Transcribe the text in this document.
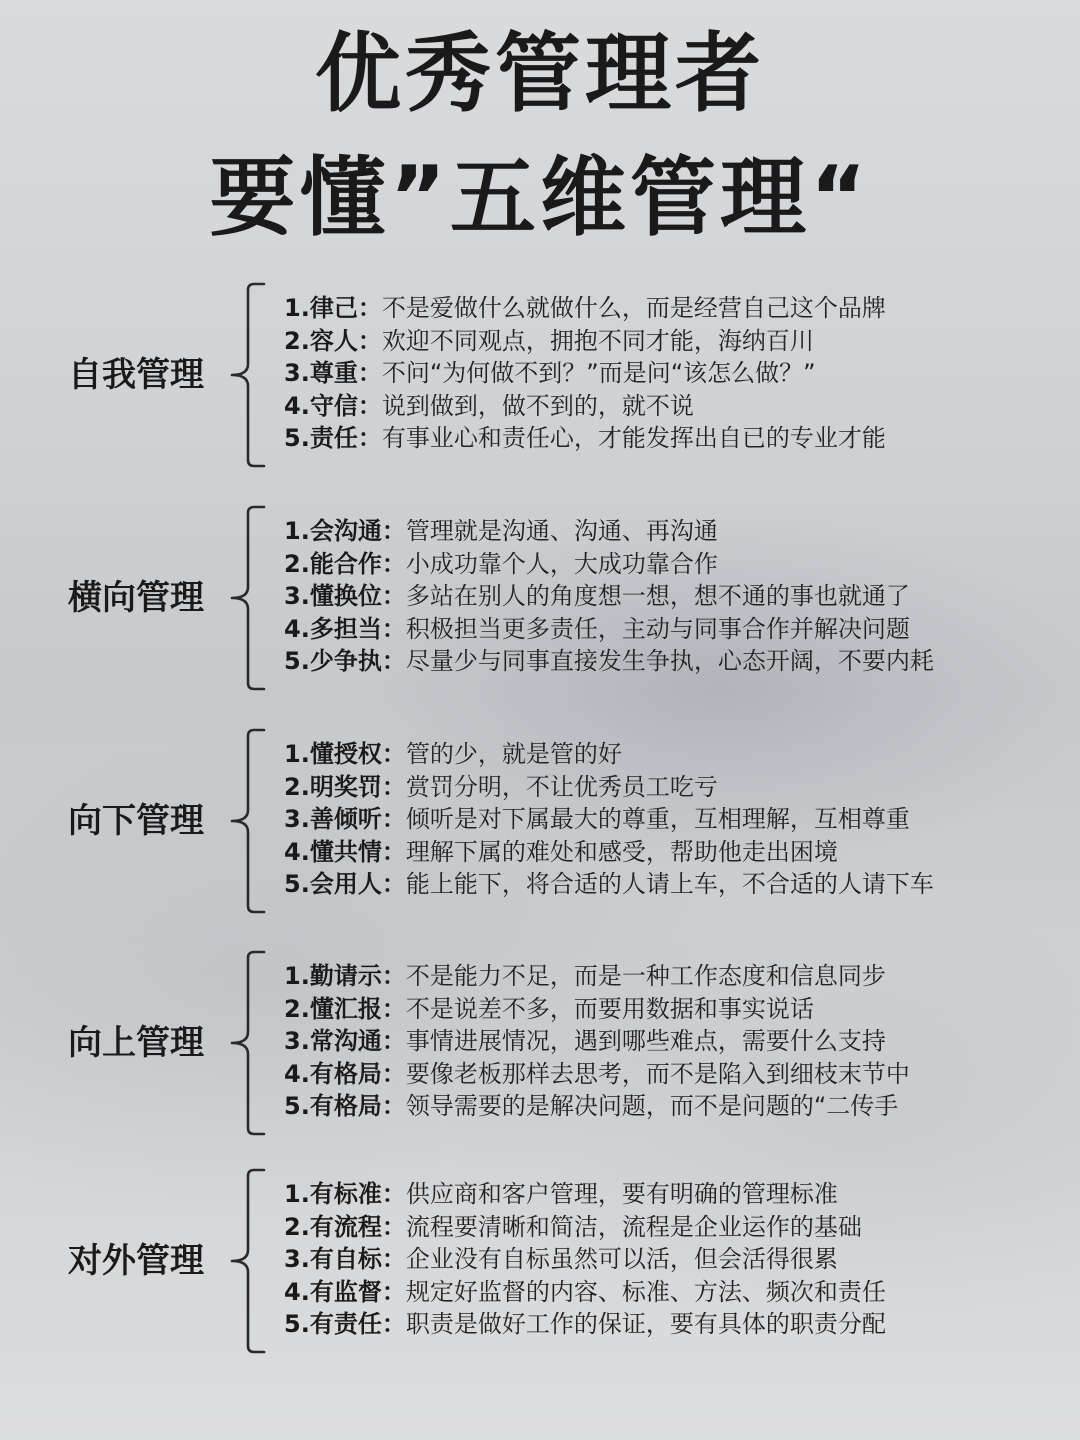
优秀管理者
要懂”五维管理“
自我管理
1.律己：不是爱做什么就做什么，而是经营自己这个品牌
2.容人：欢迎不同观点，拥抱不同才能，海纳百川
3.尊重：不问“为何做不到？”而是问“该怎么做？”
4.守信：说到做到，做不到的，就不说
5.责任：有事业心和责任心，才能发挥出自已的专业才能
横向管理
1.会沟通：管理就是沟通、沟通、再沟通
2.能合作：小成功靠个人，大成功靠合作
3.懂换位：多站在别人的角度想一想，想不通的事也就通了
4.多担当：积极担当更多责任，主动与同事合作并解决问题
5.少争执：尽量少与同事直接发生争执，心态开阔，不要内耗
向下管理
1.懂授权：管的少，就是管的好
2.明奖罚：赏罚分明，不让优秀员工吃亏
3.善倾听：倾听是对下属最大的尊重，互相理解，互相尊重
4.懂共情：理解下属的难处和感受，帮助他走出困境
5.会用人：能上能下，将合适的人请上车，不合适的人请下车
向上管理
1.勤请示：不是能力不足，而是一种工作态度和信息同步
2.懂汇报：不是说差不多，而要用数据和事实说话
3.常沟通：事情进展情况，遇到哪些难点，需要什么支持
4.有格局：要像老板那样去思考，而不是陷入到细枝末节中
5.有格局：领导需要的是解决问题，而不是问题的“二传手
对外管理
1.有标准：供应商和客户管理，要有明确的管理标准
2.有流程：流程要清晰和简洁，流程是企业运作的基础
3.有自标：企业没有自标虽然可以活，但会活得很累
4.有监督：规定好监督的内容、标准、方法、频次和责任
5.有责任：职责是做好工作的保证，要有具体的职责分配
